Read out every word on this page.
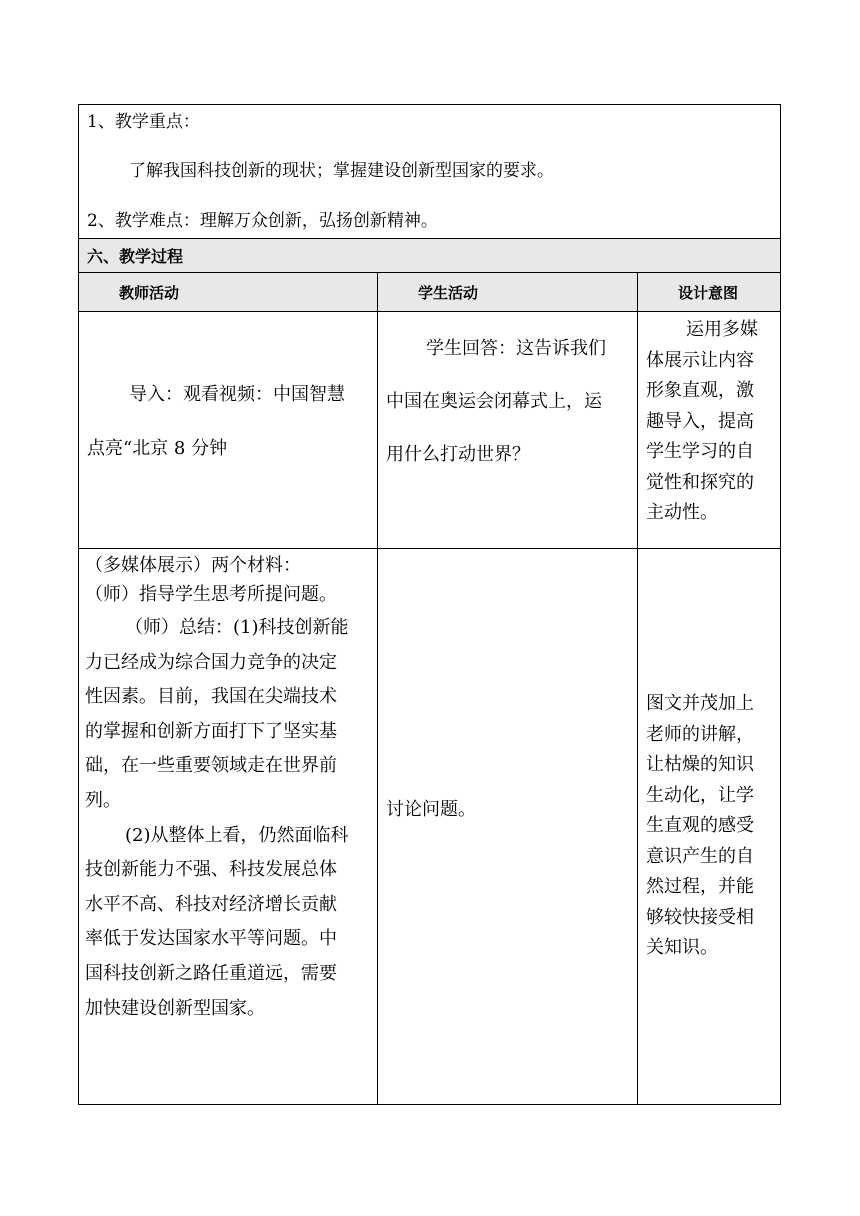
1、教学重点：
了解我国科技创新的现状；掌握建设创新型国家的要求。
2、教学难点：理解万众创新，弘扬创新精神。
六、教学过程
教师活动	学生活动	设计意图

导入：观看视频：中国智慧

点亮“北京 8 分钟

学生回答：这告诉我们

中国在奥运会闭幕式上，运

用什么打动世界？

运用多媒

体展示让内容

形象直观，激

趣导入，提高

学生学习的自

觉性和探究的

主动性。

（多媒体展示）两个材料：

（师）指导学生思考所提问题。

（师）总结：(1)科技创新能

力已经成为综合国力竞争的决定

性因素。目前，我国在尖端技术

的掌握和创新方面打下了坚实基

础，在一些重要领域走在世界前

列。

(2)从整体上看，仍然面临科

技创新能力不强、科技发展总体

水平不高、科技对经济增长贡献

率低于发达国家水平等问题。中

国科技创新之路任重道远，需要

加快建设创新型国家。

讨论问题。

图文并茂加上

老师的讲解，

让枯燥的知识

生动化，让学

生直观的感受

意识产生的自

然过程，并能

够较快接受相

关知识。
